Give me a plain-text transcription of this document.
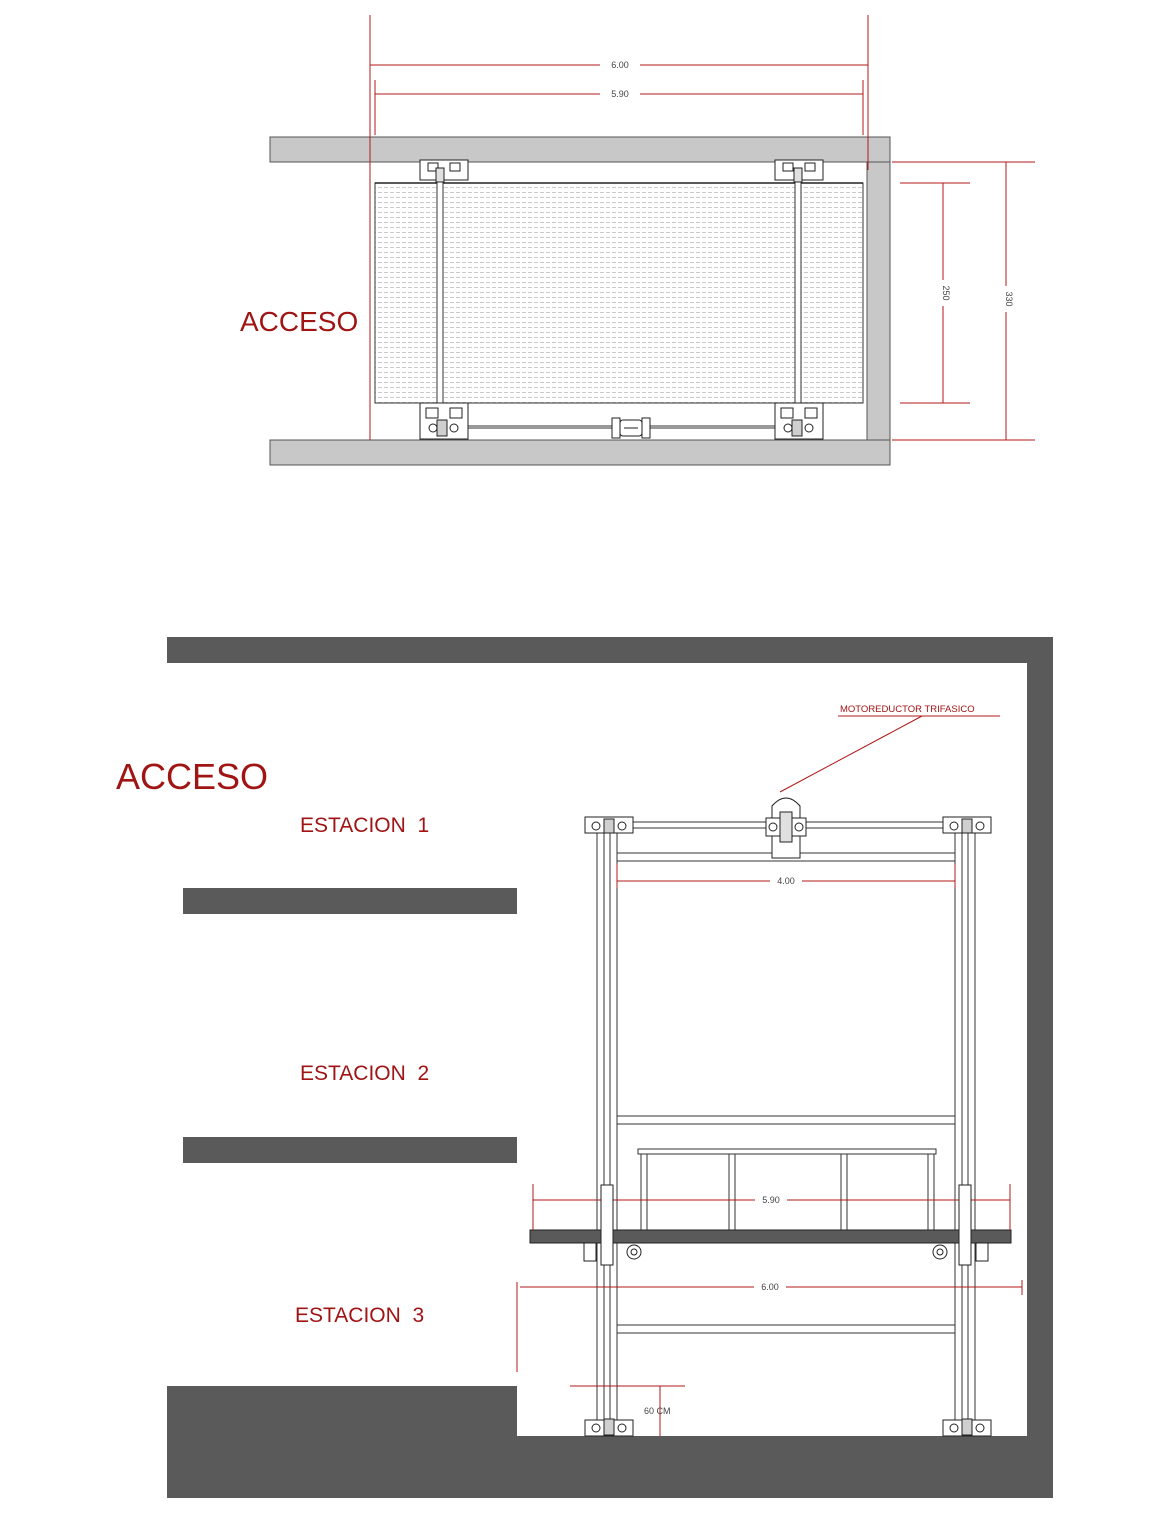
6.00
5.90
250	330
ACCESO
MOTOREDUCTOR TRIFASICO
4.00
5.90
6.00
60 CM
ACCESO
ESTACION  1
ESTACION  2
ESTACION  3
